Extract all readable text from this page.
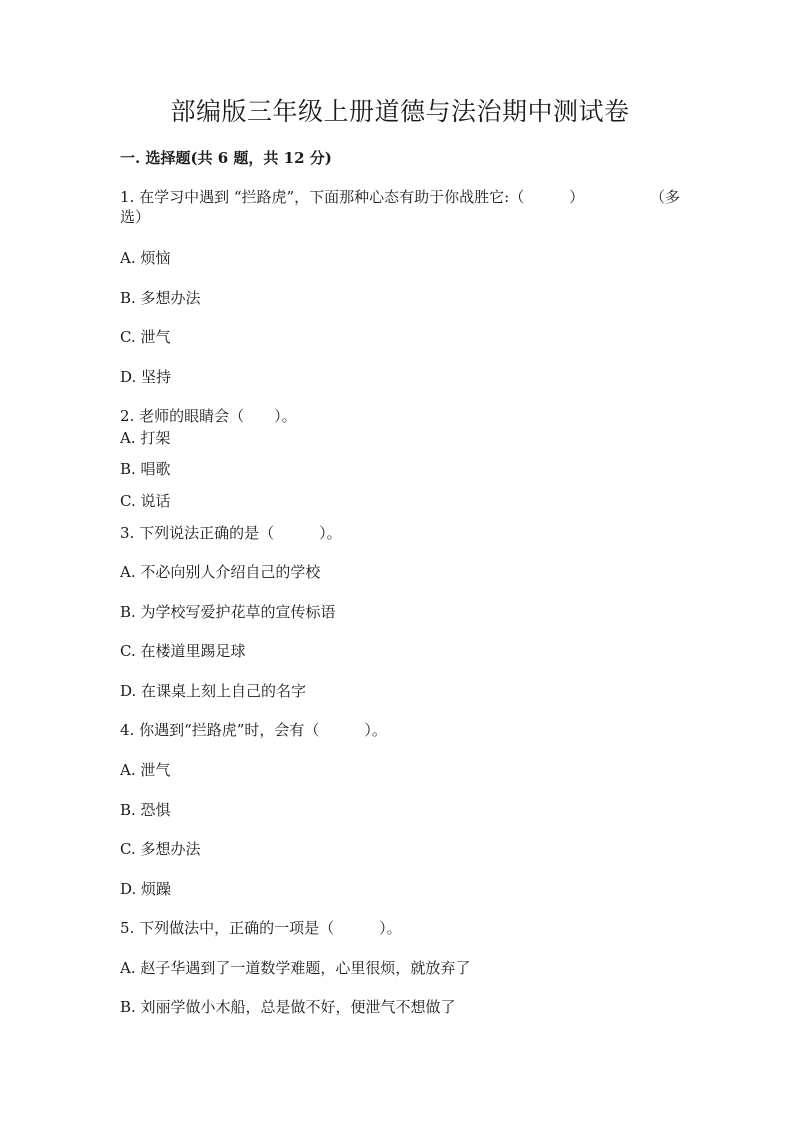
部编版三年级上册道德与法治期中测试卷

一. 选择题(共 6 题，共 12 分)

1. 在学习中遇到 “拦路虎”，下面那种心态有助于你战胜它:（　　　）	（多
选）

A. 烦恼

B. 多想办法

C. 泄气

D. 坚持

2. 老师的眼睛会（　　）。

A. 打架

B. 唱歌

C. 说话

3. 下列说法正确的是（　　　）。

A. 不必向别人介绍自己的学校

B. 为学校写爱护花草的宣传标语

C. 在楼道里踢足球

D. 在课桌上刻上自己的名字

4. 你遇到“拦路虎”时，会有（　　　）。

A. 泄气

B. 恐惧

C. 多想办法

D. 烦躁

5. 下列做法中，正确的一项是（　　　）。

A. 赵子华遇到了一道数学难题，心里很烦，就放弃了

B. 刘丽学做小木船，总是做不好，便泄气不想做了
